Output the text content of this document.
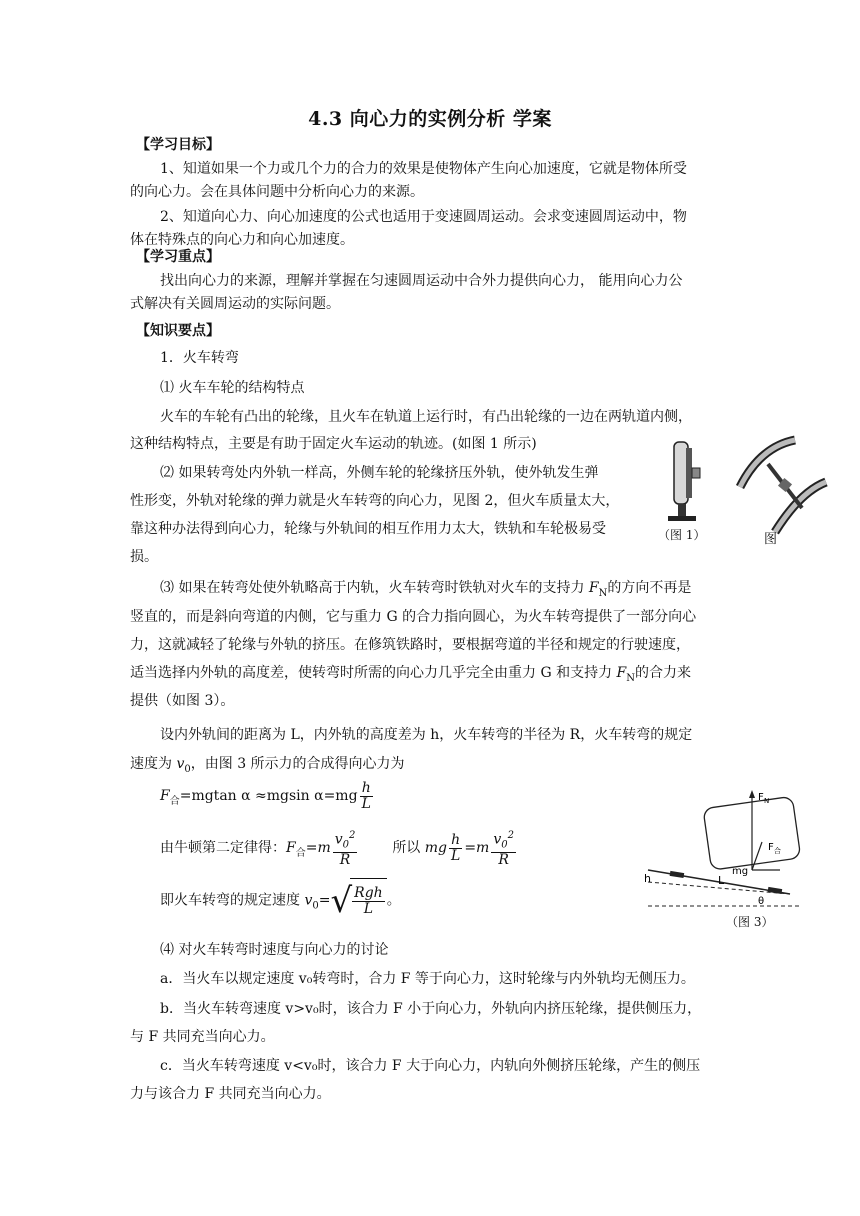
4.3 向心力的实例分析 学案
【学习目标】
1、知道如果一个力或几个力的合力的效果是使物体产生向心加速度，它就是物体所受
的向心力。会在具体问题中分析向心力的来源。
2、知道向心力、向心加速度的公式也适用于变速圆周运动。会求变速圆周运动中，物
体在特殊点的向心力和向心加速度。
【学习重点】
找出向心力的来源，理解并掌握在匀速圆周运动中合外力提供向心力， 能用向心力公
式解决有关圆周运动的实际问题。
【知识要点】
1．火车转弯
⑴ 火车车轮的结构特点
火车的车轮有凸出的轮缘，且火车在轨道上运行时，有凸出轮缘的一边在两轨道内侧，
这种结构特点，主要是有助于固定火车运动的轨迹。(如图 1 所示)
⑵ 如果转弯处内外轨一样高，外侧车轮的轮缘挤压外轨，使外轨发生弹
性形变，外轨对轮缘的弹力就是火车转弯的向心力，见图 2，但火车质量太大，
靠这种办法得到向心力，轮缘与外轨间的相互作用力太大，铁轨和车轮极易受
损。
（图 1）	图
⑶ 如果在转弯处使外轨略高于内轨，火车转弯时铁轨对火车的支持力 $F_N$的方向不再是
竖直的，而是斜向弯道的内侧，它与重力 G 的合力指向圆心，为火车转弯提供了一部分向心
力，这就减轻了轮缘与外轨的挤压。在修筑铁路时，要根据弯道的半径和规定的行驶速度，
适当选择内外轨的高度差，使转弯时所需的向心力几乎完全由重力 G 和支持力 $F_N$的合力来
提供（如图 3）。
设内外轨间的距离为 L，内外轨的高度差为 h，火车转弯的半径为 R，火车转弯的规定
速度为 $v_0$，由图 3 所示力的合成得向心力为
$F_合=mgtan$ α ≈mgsin $\alpha=mg \frac{h}{L}$
由牛顿第二定律得：$F_合=m \frac{v_0^2}{R}$ 所以 mg $\frac{h}{L} =m \frac{v_0^2}{R}$
即火车转弯的规定速度 $v_0=$ √ $\frac{\text{Rgh}}{L}$ 。
F N
F 合
mg
L
h
θ
（图 3）
⑷ 对火车转弯时速度与向心力的讨论
a．当火车以规定速度 v₀转弯时，合力 F 等于向心力，这时轮缘与内外轨均无侧压力。
b．当火车转弯速度 v>v₀时，该合力 F 小于向心力，外轨向内挤压轮缘，提供侧压力，
与 F 共同充当向心力。
c．当火车转弯速度 v<v₀时，该合力 F 大于向心力，内轨向外侧挤压轮缘，产生的侧压
力与该合力 F 共同充当向心力。
